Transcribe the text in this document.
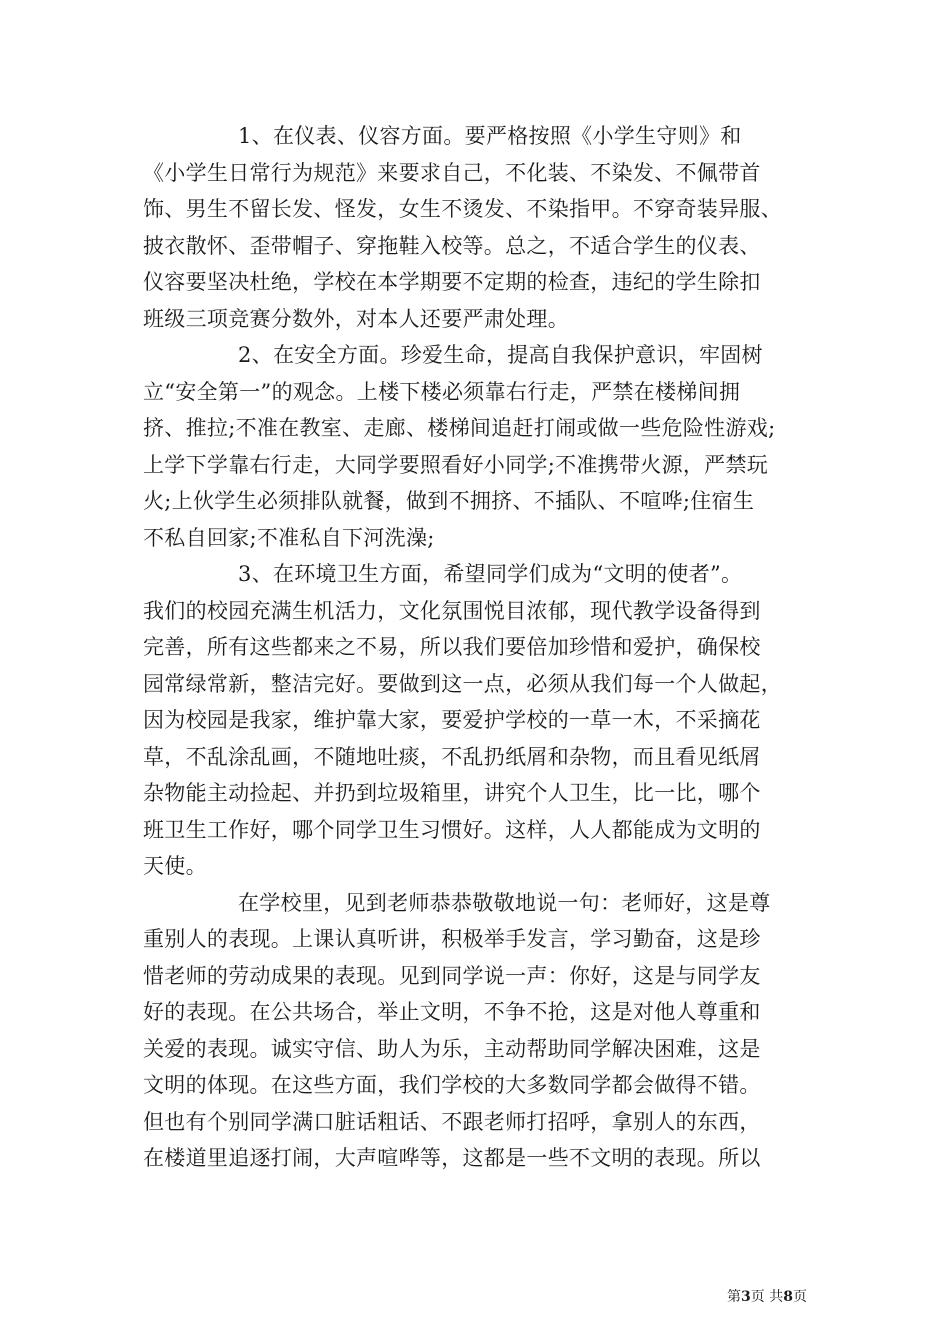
1、在仪表、仪容方面。要严格按照《小学生守则》和
《小学生日常行为规范》来要求自己，不化装、不染发、不佩带首
饰、男生不留长发、怪发，女生不烫发、不染指甲。不穿奇装异服、
披衣散怀、歪带帽子、穿拖鞋入校等。总之，不适合学生的仪表、
仪容要坚决杜绝，学校在本学期要不定期的检查，违纪的学生除扣
班级三项竞赛分数外，对本人还要严肃处理。
2、在安全方面。珍爱生命，提高自我保护意识，牢固树
立“安全第一”的观念。上楼下楼必须靠右行走，严禁在楼梯间拥
挤、推拉;不准在教室、走廊、楼梯间追赶打闹或做一些危险性游戏;
上学下学靠右行走，大同学要照看好小同学;不准携带火源，严禁玩
火;上伙学生必须排队就餐，做到不拥挤、不插队、不喧哗;住宿生
不私自回家;不准私自下河洗澡;
3、在环境卫生方面，希望同学们成为“文明的使者”。
我们的校园充满生机活力，文化氛围悦目浓郁，现代教学设备得到
完善，所有这些都来之不易，所以我们要倍加珍惜和爱护，确保校
园常绿常新，整洁完好。要做到这一点，必须从我们每一个人做起，
因为校园是我家，维护靠大家，要爱护学校的一草一木，不采摘花
草，不乱涂乱画，不随地吐痰，不乱扔纸屑和杂物，而且看见纸屑
杂物能主动捡起、并扔到垃圾箱里，讲究个人卫生，比一比，哪个
班卫生工作好，哪个同学卫生习惯好。这样，人人都能成为文明的
天使。
在学校里，见到老师恭恭敬敬地说一句：老师好，这是尊
重别人的表现。上课认真听讲，积极举手发言，学习勤奋，这是珍
惜老师的劳动成果的表现。见到同学说一声：你好，这是与同学友
好的表现。在公共场合，举止文明，不争不抢，这是对他人尊重和
关爱的表现。诚实守信、助人为乐，主动帮助同学解决困难，这是
文明的体现。在这些方面，我们学校的大多数同学都会做得不错。
但也有个别同学满口脏话粗话、不跟老师打招呼，拿别人的东西，
在楼道里追逐打闹，大声喧哗等，这都是一些不文明的表现。所以
第3页 共8页
